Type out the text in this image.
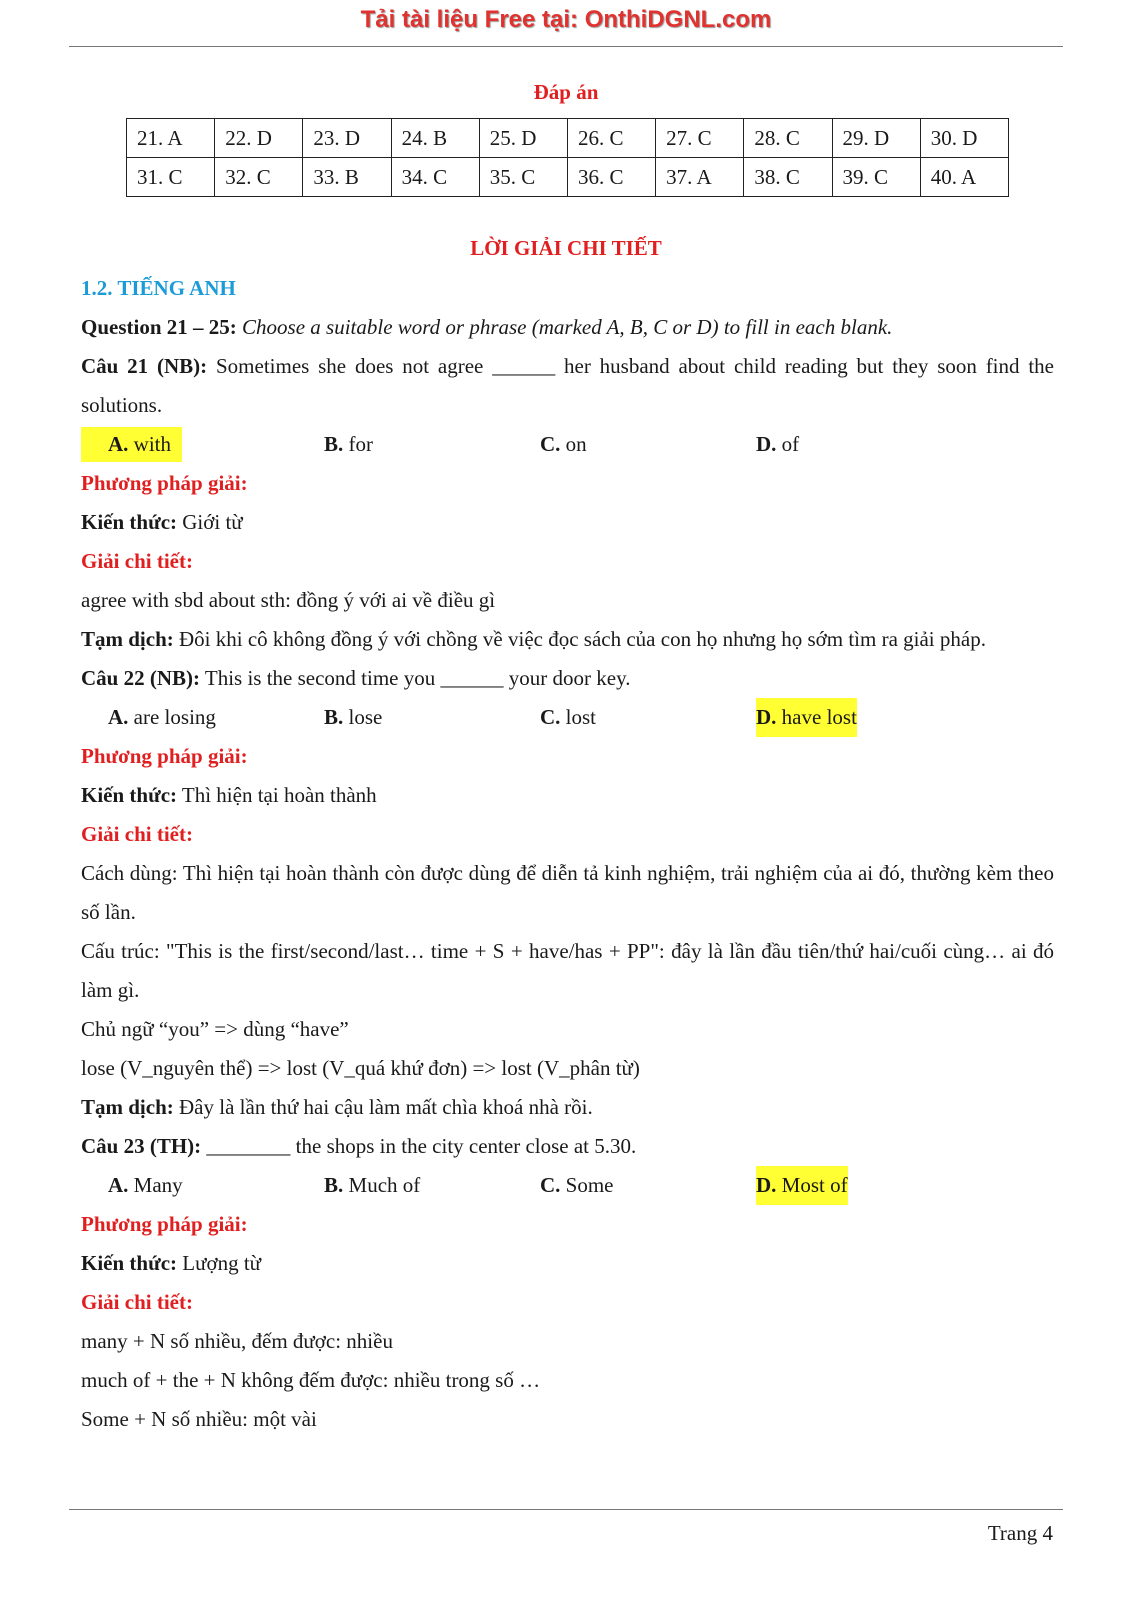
Tải tài liệu Free tại: OnthiDGNL.com
Đáp án
21. A	22. D	23. D	24. B	25. D	26. C	27. C	28. C	29. D	30. D
31. C	32. C	33. B	34. C	35. C	36. C	37. A	38. C	39. C	40. A
LỜI GIẢI CHI TIẾT

1.2. TIẾNG ANH

Question 21 – 25: Choose a suitable word or phrase (marked A, B, C or D) to fill in each blank.

Câu 21 (NB): Sometimes she does not agree ______ her husband about child reading but they soon find the solutions.

A. with	B. for	C. on	D. of

Phương pháp giải:

Kiến thức: Giới từ

Giải chi tiết:

agree with sbd about sth: đồng ý với ai về điều gì

Tạm dịch: Đôi khi cô không đồng ý với chồng về việc đọc sách của con họ nhưng họ sớm tìm ra giải pháp.

Câu 22 (NB): This is the second time you ______ your door key.

A. are losing	B. lose	C. lost	D. have lost

Phương pháp giải:

Kiến thức: Thì hiện tại hoàn thành

Giải chi tiết:

Cách dùng: Thì hiện tại hoàn thành còn được dùng để diễn tả kinh nghiệm, trải nghiệm của ai đó, thường kèm theo số lần.

Cấu trúc: "This is the first/second/last… time + S + have/has + PP": đây là lần đầu tiên/thứ hai/cuối cùng… ai đó làm gì.

Chủ ngữ “you” => dùng “have”

lose (V_nguyên thể) => lost (V_quá khứ đơn) => lost (V_phân từ)

Tạm dịch: Đây là lần thứ hai cậu làm mất chìa khoá nhà rồi.

Câu 23 (TH): ________ the shops in the city center close at 5.30.

A. Many	B. Much of	C. Some	D. Most of

Phương pháp giải:

Kiến thức: Lượng từ

Giải chi tiết:

many + N số nhiều, đếm được: nhiều

much of + the + N không đếm được: nhiều trong số …

Some + N số nhiều: một vài

Trang 4
